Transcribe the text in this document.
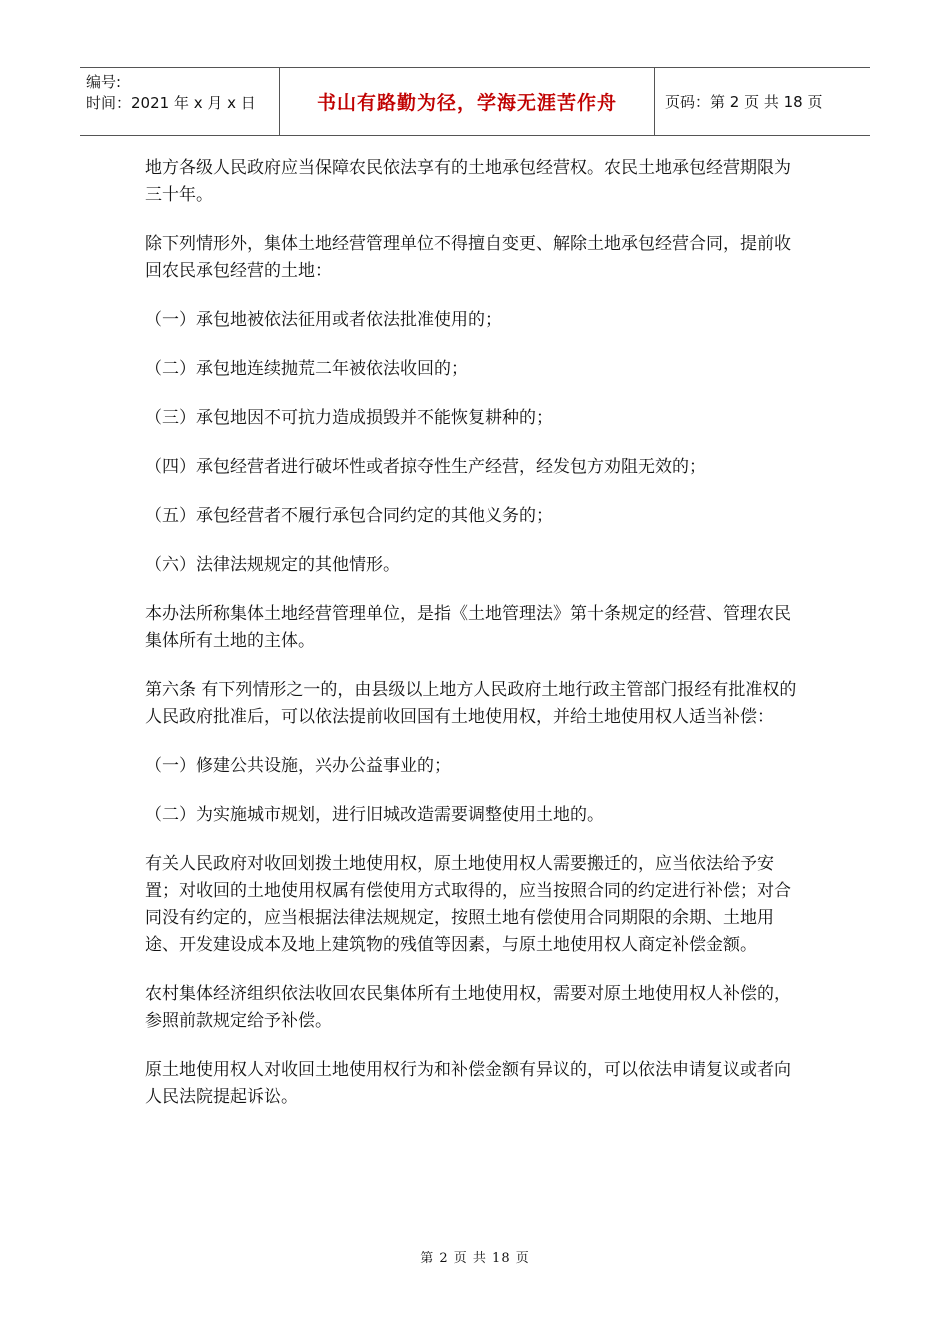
编号:
时间：2021 年 x 月 x 日	书山有路勤为径，学海无涯苦作舟	页码：第 2 页 共 18 页

地方各级人民政府应当保障农民依法享有的土地承包经营权。农民土地承包经营期限为三十年。

除下列情形外，集体土地经营管理单位不得擅自变更、解除土地承包经营合同，提前收回农民承包经营的土地：

（一）承包地被依法征用或者依法批准使用的；

（二）承包地连续抛荒二年被依法收回的；

（三）承包地因不可抗力造成损毁并不能恢复耕种的；

（四）承包经营者进行破坏性或者掠夺性生产经营，经发包方劝阻无效的；

（五）承包经营者不履行承包合同约定的其他义务的；

（六）法律法规规定的其他情形。

本办法所称集体土地经营管理单位，是指《土地管理法》第十条规定的经营、管理农民集体所有土地的主体。

第六条 有下列情形之一的，由县级以上地方人民政府土地行政主管部门报经有批准权的人民政府批准后，可以依法提前收回国有土地使用权，并给土地使用权人适当补偿：

（一）修建公共设施，兴办公益事业的；

（二）为实施城市规划，进行旧城改造需要调整使用土地的。

有关人民政府对收回划拨土地使用权，原土地使用权人需要搬迁的，应当依法给予安置；对收回的土地使用权属有偿使用方式取得的，应当按照合同的约定进行补偿；对合同没有约定的，应当根据法律法规规定，按照土地有偿使用合同期限的余期、土地用途、开发建设成本及地上建筑物的残值等因素，与原土地使用权人商定补偿金额。

农村集体经济组织依法收回农民集体所有土地使用权，需要对原土地使用权人补偿的，参照前款规定给予补偿。

原土地使用权人对收回土地使用权行为和补偿金额有异议的，可以依法申请复议或者向人民法院提起诉讼。

第 2 页 共 18 页
